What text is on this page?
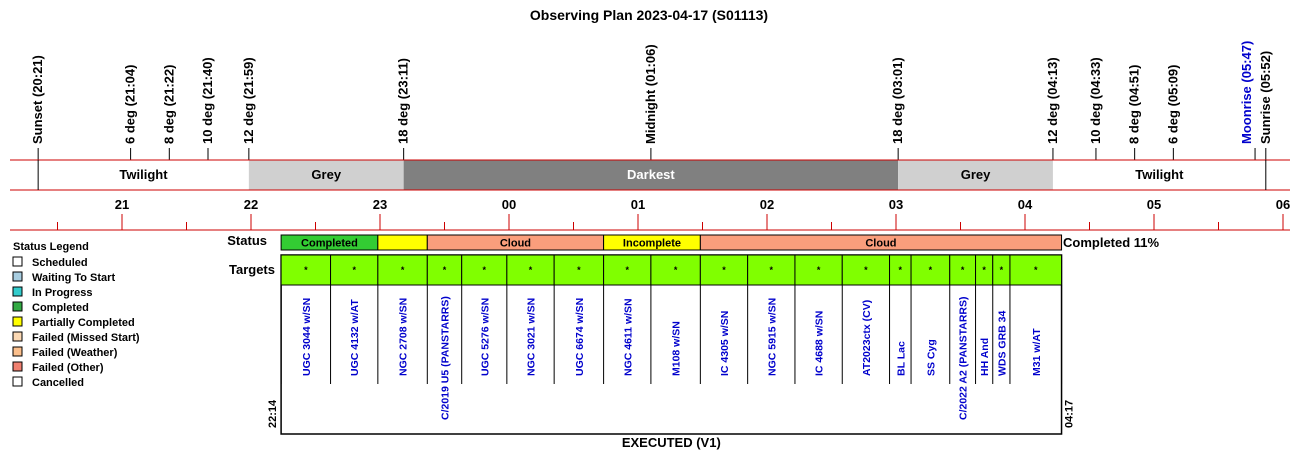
Observing Plan 2023-04-17 (S01113)
Sunset (20:21)	6 deg (21:04) 8 deg (21:22) 10 deg (21:40) 12 deg (21:59)	18 deg (23:11)	Midnight (01:06)	18 deg (03:01)	12 deg (04:13) 10 deg (04:33) 8 deg (04:51) 6 deg (05:09)	Moonrise (05:47) Sunrise (05:52)
Twilight	Grey	Darkest	Grey	Twilight
21	22	23	00	01	02	03	04	05	06
Status Legend
Scheduled
Waiting To Start
In Progress
Completed
Partially Completed
Failed (Missed Start)
Failed (Weather)
Failed (Other)
Cancelled
Status
Targets
Completed	Cloud	Incomplete	Cloud	Completed 11%
*
UGC 3044 w/SN
*
UGC 4132 w/AT
*
NGC 2708 w/SN
*
C/2019 U5 (PANSTARRS)
*
UGC 5276 w/SN
*
NGC 3021 w/SN
*
UGC 6674 w/SN
*
NGC 4611 w/SN
*
M108 w/SN
*
IC 4305 w/SN
*
NGC 5915 w/SN
*
IC 4688 w/SN
*
AT2023ctx (CV)
*
BL Lac
*
SS Cyg
*
C/2022 A2 (PANSTARRS)
*
HH And
*
WDS GRB 34
*
M31 w/AT
22:14	04:17
EXECUTED (V1)
